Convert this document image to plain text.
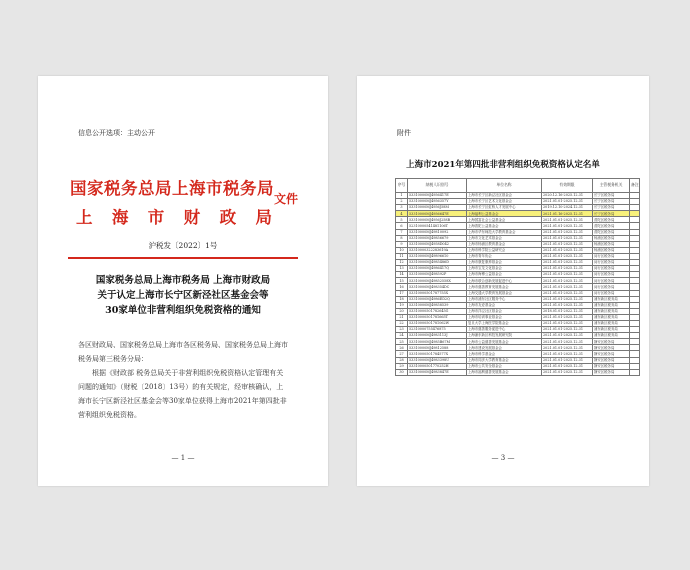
信息公开选项：主动公开
国家税务总局上海市税务局
上 海 市 财 政 局
文件
沪税发〔2022〕1号
国家税务总局上海市税务局 上海市财政局
关于认定上海市长宁区新泾社区基金会等
30家单位非营利组织免税资格的通知

各区财政局、国家税务总局上海市各区税务局、国家税务总局上海市税务局第三税务分局：

根据《财政部 税务总局关于非营利组织免税资格认定管理有关问题的通知》（财税〔2018〕13号）的有关规定，经审核确认，上海市长宁区新泾社区基金会等30家单位获得上海市2021年第四批非营利组织免税资格。

— 1 —
附件
上海市2021年第四批非营利组织免税资格认定名单
序号	纳税人识别号	单位名称	有效期限	主管税务机关	备注
1	53310000MJ4956417E	上海市长宁区新泾社区基金会	2020.12.16-2025.12.31	长宁区税务局	
2	53310000MJ4956357Y	上海市长宁区艺术文化基金会	2021.01.01-2025.12.31	长宁区税务局	
3	53310000MJ4956J58M	上海市长宁区虹桥人才发展中心	2019.12.10-2024.12.31	长宁区税务局	
4	53310000MJ4956647E	上海福利公益基金会	2021.01.16-2025.12.31	长宁区税务局	
5	53310000MJ4956J258B	上海国富社会公益基金会	2021.01.01-2025.12.31	普陀区税务局	
6	52310000541481106T	上海普陀公益基金会	2021.01.01-2025.12.31	普陀区税务局	
7	53310000MJ49810092	上海市华东师范大学教育基金会	2021.01.01-2025.12.31	普陀区税务局	
8	53310000MJ49856679	上海市文化艺术基金会	2021.01.01-2025.12.31	杨浦区税务局	
9	53310000MJ4958D042	上海市杨浦区教育基金会	2021.01.01-2025.12.31	杨浦区税务局	
10	53310000322283619A	上海市科学院公益研究会	2021.01.01-2025.12.31	杨浦区税务局	
11	53310000MJ49896610	上海市青年协会	2021.01.01-2025.12.31	闵行区税务局	
12	53310000MJ4985486D	上海市康复康养基金会	2021.01.01-2025.12.31	闵行区税务局	
13	53310000MJ4986417Q	上海市宝龙文化基金会	2021.01.01-2025.12.31	闵行区税务局	
14	53310000MJ498592P	上海市海博公益基金会	2021.01.01-2025.12.31	闵行区税务局	
15	53310000MJ49852558X	上海市联合创新发展促进中心	2021.01.01-2025.12.31	闵行区税务局	
16	53310000MJ498354DC	上海市慈善教育发展基金会	2021.01.01-2025.12.31	闵行区税务局	
17	53310000501787755X	上海交通大学教育发展基金会	2021.01.01-2025.12.31	闵行区税务局	
18	53310000MJ4986ED2Q	上海市浦东社区服务中心	2021.01.01-2025.12.31	浦东新区税务局	
19	53310000MJ49858539	上海市友爱基金会	2021.01.01-2025.12.31	浦东新区税务局	
20	53310000501782645G	上海市洋泾社区基金会	2018.01.01-2022.12.31	浦东新区税务局	
21	53310000501781665T	上海市培训事业基金会	2021.01.01-2025.12.31	浦东新区税务局	
22	53310000501781062W	复旦大学上海医学院基金会	2021.01.01-2025.12.31	浦东新区税务局	
23	52310000755476875	上海市慈善服务促进中心	2021.01.01-2025.12.31	浦东新区税务局	
24	53310000MJ4983113J	上海浦东新区科技发展研究院	2021.01.01-2025.12.31	浦东新区税务局	
25	53310000MJ4985B67M	上海市公益慈善发展基金会	2021.01.01-2025.12.31	静安区税务局	
26	53310000MJ49812588	上海市建设发展基金会	2021.01.01-2025.12.31	静安区税务局	
27	53310000501784577X	上海市科学基金会	2021.01.01-2025.12.31	静安区税务局	
28	53310000MJ4983398U	上海市同济大学教育基金会	2021.01.01-2025.12.31	静安区税务局	
29	53310000501770252H	上海市公共安全基金会	2021.01.01-2025.12.31	静安区税务局	
30	53310000MJ4983847E	上海市福利慈善发展基金会	2021.01.01-2025.12.31	静安区税务局	
— 3 —
